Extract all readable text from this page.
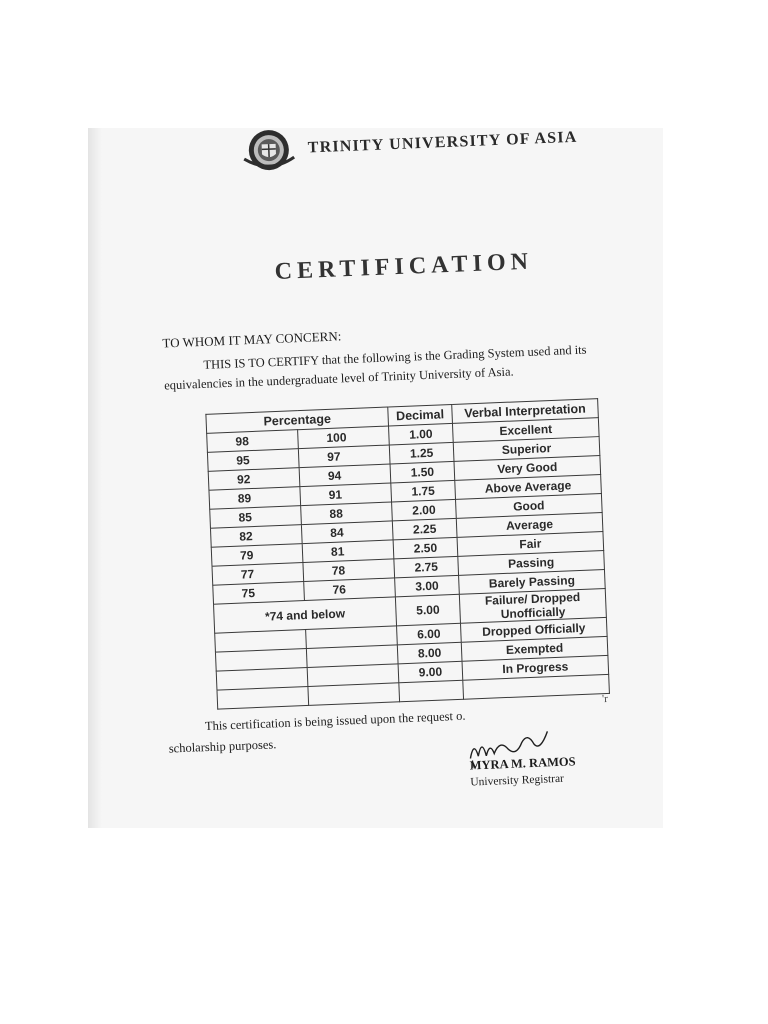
TRINITY UNIVERSITY OF ASIA
CERTIFICATION
TO WHOM IT MAY CONCERN:
THIS IS TO CERTIFY that the following is the Grading System used and its equivalencies in the undergraduate level of Trinity University of Asia.
Percentage		Decimal	Verbal Interpretation
98	100	1.00	Excellent
95	97	1.25	Superior
92	94	1.50	Very Good
89	91	1.75	Above Average
85	88	2.00	Good
82	84	2.25	Average
79	81	2.50	Fair
77	78	2.75	Passing
75	76	3.00	Barely Passing
*74 and below		5.00	Failure/ Dropped Unofficially
		6.00	Dropped Officially
		8.00	Exempted
		9.00	In Progress

'r
This certification is being issued upon the request o.
scholarship purposes.
MYRA M. RAMOS
University Registrar
